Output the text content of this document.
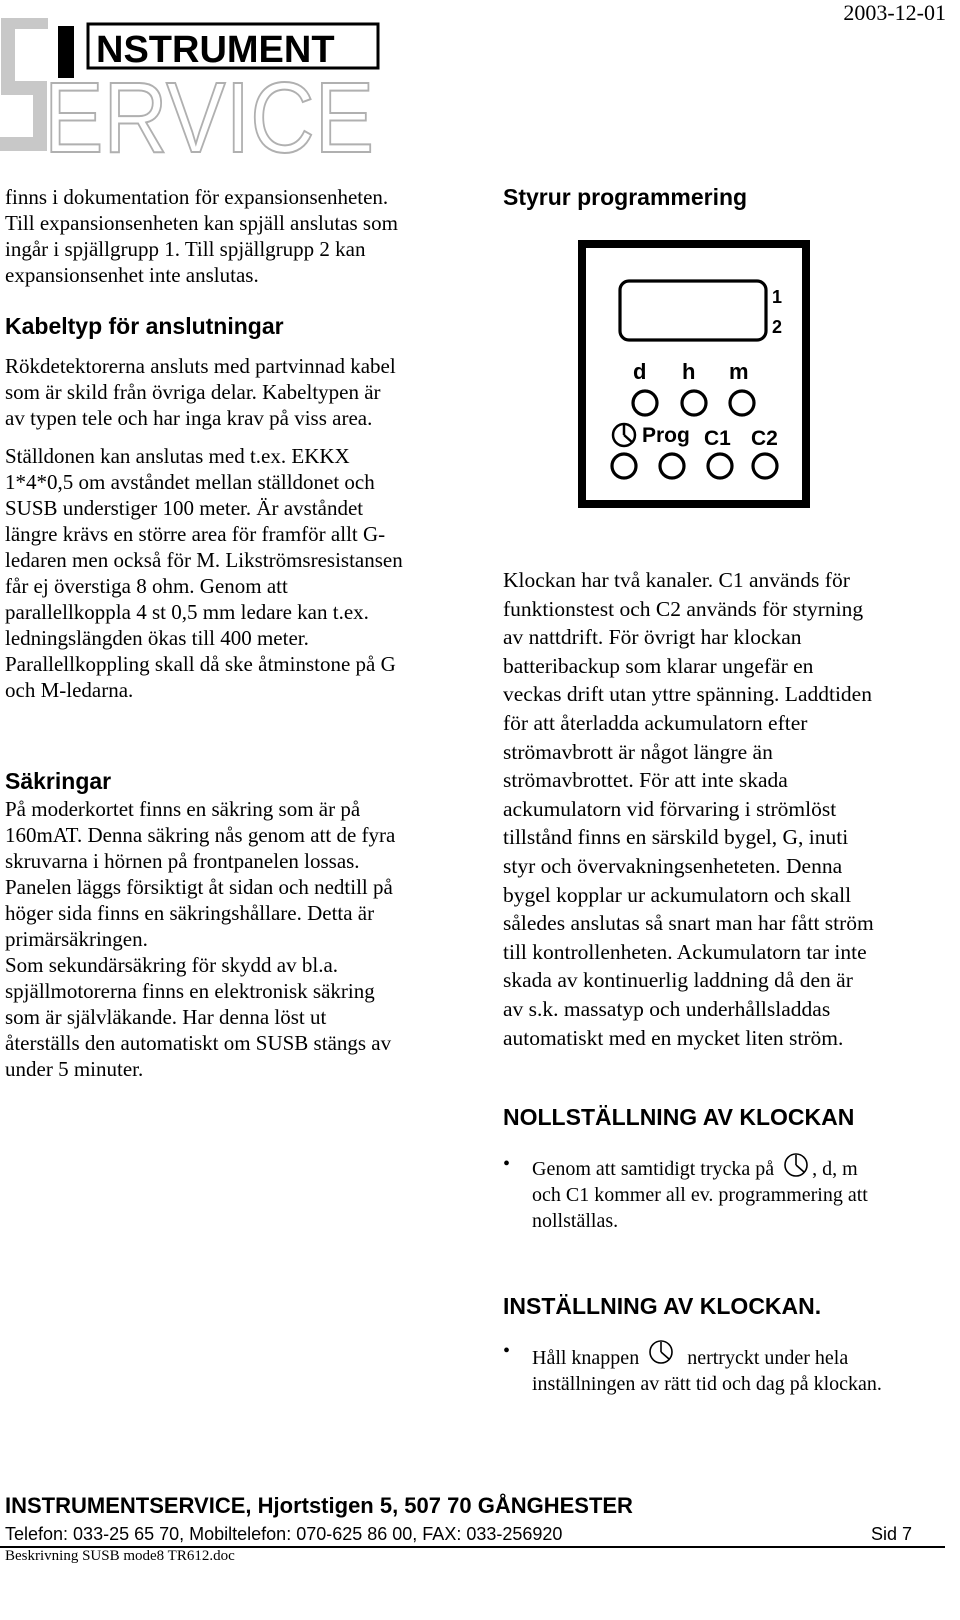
NSTRUMENT
ERVICE
2003-12-01
finns i dokumentation för expansionsenheten.
Till expansionsenheten kan spjäll anslutas som
ingår i spjällgrupp 1. Till spjällgrupp 2 kan
expansionsenhet inte anslutas.
Kabeltyp för anslutningar
Rökdetektorerna ansluts med partvinnad kabel
som är skild från övriga delar. Kabeltypen är
av typen tele och har inga krav på viss area.
Ställdonen kan anslutas med t.ex. EKKX
1*4*0,5 om avståndet mellan ställdonet och
SUSB understiger 100 meter. Är avståndet
längre krävs en större area för framför allt G-
ledaren men också för M. Likströmsresistansen
får ej överstiga 8 ohm. Genom att
parallellkoppla 4 st 0,5 mm ledare kan t.ex.
ledningslängden ökas till 400 meter.
Parallellkoppling skall då ske åtminstone på G
och M-ledarna.
Säkringar
På moderkortet finns en säkring som är på
160mAT. Denna säkring nås genom att de fyra
skruvarna i hörnen på frontpanelen lossas.
Panelen läggs försiktigt åt sidan och nedtill på
höger sida finns en säkringshållare. Detta är
primärsäkringen.
Som sekundärsäkring för skydd av bl.a.
spjällmotorerna finns en elektronisk säkring
som är självläkande. Har denna löst ut
återställs den automatiskt om SUSB stängs av
under 5 minuter.
Styrur programmering
1
2
d h m
Prog C1 C2
Klockan har två kanaler. C1 används för
funktionstest och C2 används för styrning
av nattdrift. För övrigt har klockan
batteribackup som klarar ungefär en
veckas drift utan yttre spänning. Laddtiden
för att återladda ackumulatorn efter
strömavbrott är något längre än
strömavbrottet. För att inte skada
ackumulatorn vid förvaring i strömlöst
tillstånd finns en särskild bygel, G, inuti
styr och övervakningsenheteten. Denna
bygel kopplar ur ackumulatorn och skall
således anslutas så snart man har fått ström
till kontrollenheten. Ackumulatorn tar inte
skada av kontinuerlig laddning då den är
av s.k. massatyp och underhållsladdas
automatiskt med en mycket liten ström.
NOLLSTÄLLNING AV KLOCKAN
• Genom att samtidigt trycka på , d, m
och C1 kommer all ev. programmering att
nollställas.
INSTÄLLNING AV KLOCKAN.
• Håll knappen nertryckt under hela
inställningen av rätt tid och dag på klockan.
INSTRUMENTSERVICE, Hjortstigen 5, 507 70 GÅNGHESTER
Telefon: 033-25 65 70, Mobiltelefon: 070-625 86 00, FAX: 033-256920	Sid 7
Beskrivning SUSB mode8 TR612.doc
